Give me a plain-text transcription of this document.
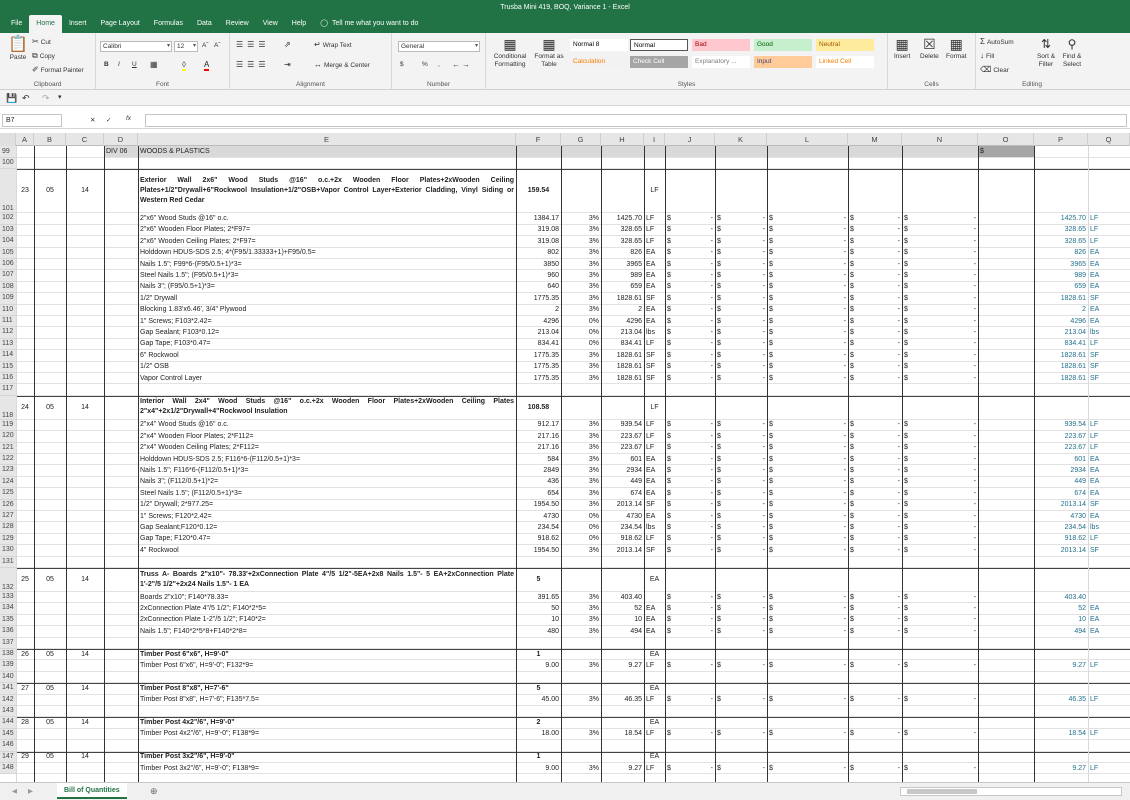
Trusba Mini 419, BOQ, Variance 1 - Excel
File	Home	Insert	Page Layout	Formulas	Data	Review	View	Help	◯ Tell me what you want to do
📋
Paste
✂ Cut
⧉ Copy
✐ Format Painter
Clipboard
Calibri	▾	12 ▾ Aˆ Aˇ
B I U ▦	◊ A
Font
☰ ☰ ☰ ⇗	↵ Wrap Text
☰ ☰ ☰ ⇥	↔ Merge & Center
Alignment
General	▾
$	% , ← →
Number
▦
Conditional Formatting
▦
Format as Table
Normal 8	Normal	Bad	Good	Neutral
Calculation	Check Cell	Explanatory ...	Input	Linked Cell
Styles
▦
Insert
☒
Delete
▦
Format
Cells
Σ AutoSum
↓ Fill
⌫ Clear
⇅
Sort & Filter
⚲
Find & Select
Editing
💾 ↶ ↷ ▾
B7	✕ ✓ fx
A	B	C	D	E	F	G	H	I	J	K	L	M	N	O	P	Q
99	DIV 06	WOODS & PLASTICS	$
100
101
23	05	14
Exterior Wall 2x6" Wood Studs @16" o.c.+2x Wooden Floor Plates+2xWooden Ceiling Plates+1/2"Drywall+6"Rockwool Insulation+1/2"OSB+Vapor Control Layer+Exterior Cladding, Vinyl Siding or Western Red Cedar
159.54	LF
102	2"x6" Wood Studs @16" o.c.	1384.17	3%	1425.70 LF	$	- $	- $	- $	- $	-	1425.70 LF
103	2"x6" Wooden Floor Plates; 2*F97=	319.08	3%	328.65 LF	$	- $	- $	- $	- $	-	328.65 LF
104	2"x6" Wooden Ceiling Plates; 2*F97=	319.08	3%	328.65 LF	$	- $	- $	- $	- $	-	328.65 LF
105	Holddown HDUS-SDS 2.5; 4*(F95/1.33333+1)+F95/0.5=	802	3%	826 EA	$	- $	- $	- $	- $	-	826 EA
106	Nails 1.5"; F99*6-(F95/0.5+1)*3=	3850	3%	3965 EA	$	- $	- $	- $	- $	-	3965 EA
107	Steel Nails 1.5"; (F95/0.5+1)*3=	960	3%	989 EA	$	- $	- $	- $	- $	-	989 EA
108	Nails 3"; (F95/0.5+1)*3=	640	3%	659 EA	$	- $	- $	- $	- $	-	659 EA
109	1/2" Drywall	1775.35	3%	1828.61 SF	$	- $	- $	- $	- $	-	1828.61 SF
110	Blocking 1.83'x6.46', 3/4" Plywood	2	3%	2 EA	$	- $	- $	- $	- $	-	2 EA
111	1" Screws; F103*2.42=	4296	0%	4296 EA	$	- $	- $	- $	- $	-	4296 EA
112	Gap Sealant; F103*0.12=	213.04	0%	213.04 lbs	$	- $	- $	- $	- $	-	213.04 lbs
113	Gap Tape; F103*0.47=	834.41	0%	834.41 LF	$	- $	- $	- $	- $	-	834.41 LF
114	6" Rockwool	1775.35	3%	1828.61 SF	$	- $	- $	- $	- $	-	1828.61 SF
115	1/2" OSB	1775.35	3%	1828.61 SF	$	- $	- $	- $	- $	-	1828.61 SF
116	Vapor Control Layer	1775.35	3%	1828.61 SF	$	- $	- $	- $	- $	-	1828.61 SF
117
118
24	05	14
Interior Wall 2x4" Wood Studs @16" o.c.+2x Wooden Floor Plates+2xWooden Ceiling Plates 2"x4"+2x1/2"Drywall+4"Rockwool Insulation
108.58	LF
119	2"x4" Wood Studs @16" o.c.	912.17	3%	939.54 LF	$	- $	- $	- $	- $	-	939.54 LF
120	2"x4" Wooden Floor Plates; 2*F112=	217.16	3%	223.67 LF	$	- $	- $	- $	- $	-	223.67 LF
121	2"x4" Wooden Ceiling Plates; 2*F112=	217.16	3%	223.67 LF	$	- $	- $	- $	- $	-	223.67 LF
122	Holddown HDUS-SDS 2.5; F116*6-(F112/0.5+1)*3=	584	3%	601 EA	$	- $	- $	- $	- $	-	601 EA
123	Nails 1.5"; F116*6-(F112/0.5+1)*3=	2849	3%	2934 EA	$	- $	- $	- $	- $	-	2934 EA
124	Nails 3"; (F112/0.5+1)*2=	436	3%	449 EA	$	- $	- $	- $	- $	-	449 EA
125	Steel Nails 1.5"; (F112/0.5+1)*3=	654	3%	674 EA	$	- $	- $	- $	- $	-	674 EA
126	1/2" Drywall; 2*977.25=	1954.50	3%	2013.14 SF	$	- $	- $	- $	- $	-	2013.14 SF
127	1" Screws; F120*2.42=	4730	0%	4730 EA	$	- $	- $	- $	- $	-	4730 EA
128	Gap Sealant;F120*0.12=	234.54	0%	234.54 lbs	$	- $	- $	- $	- $	-	234.54 lbs
129	Gap Tape; F120*0.47=	918.62	0%	918.62 LF	$	- $	- $	- $	- $	-	918.62 LF
130	4" Rockwool	1954.50	3%	2013.14 SF	$	- $	- $	- $	- $	-	2013.14 SF
131
132
25	05	14
Truss A- Boards 2"x10"- 78.33'+2xConnection Plate 4"/5 1/2"-5EA+2x8 Nails 1.5"- 5 EA+2xConnection Plate 1'-2"/5 1/2"+2x24 Nails 1.5"- 1 EA
5	EA
133	Boards 2"x10"; F140*78.33=	391.65	3%	403.40	$	- $	- $	- $	- $	-	403.40
134	2xConnection Plate 4"/5 1/2"; F140*2*5=	50	3%	52 EA	$	- $	- $	- $	- $	-	52 EA
135	2xConnection Plate 1-2"/5 1/2"; F140*2=	10	3%	10 EA	$	- $	- $	- $	- $	-	10 EA
136	Nails 1.5"; F140*2*5*8+F140*2*8=	480	3%	494 EA	$	- $	- $	- $	- $	-	494 EA
137
138	26	05	14	Timber Post 6"x6", H=9'-0"	1	EA
139	Timber Post 6"x6", H=9'-0"; F132*9=	9.00	3%	9.27 LF	$	- $	- $	- $	- $	-	9.27 LF
140
141	27	05	14	Timber Post 8"x8", H=7'-6"	5	EA
142	Timber Post 8"x8", H=7'-6"; F135*7.5=	45.00	3%	46.35 LF	$	- $	- $	- $	- $	-	46.35 LF
143
144	28	05	14	Timber Post 4x2"/6", H=9'-0"	2	EA
145	Timber Post 4x2"/6", H=9'-0"; F138*9=	18.00	3%	18.54 LF	$	- $	- $	- $	- $	-	18.54 LF
146
147	29	05	14	Timber Post 3x2"/6", H=9'-0"	1	EA
148	Timber Post 3x2"/6", H=9'-0"; F138*9=	9.00	3%	9.27 LF	$	- $	- $	- $	- $	-	9.27 LF
◀ ▶	Bill of Quantities	⊕
